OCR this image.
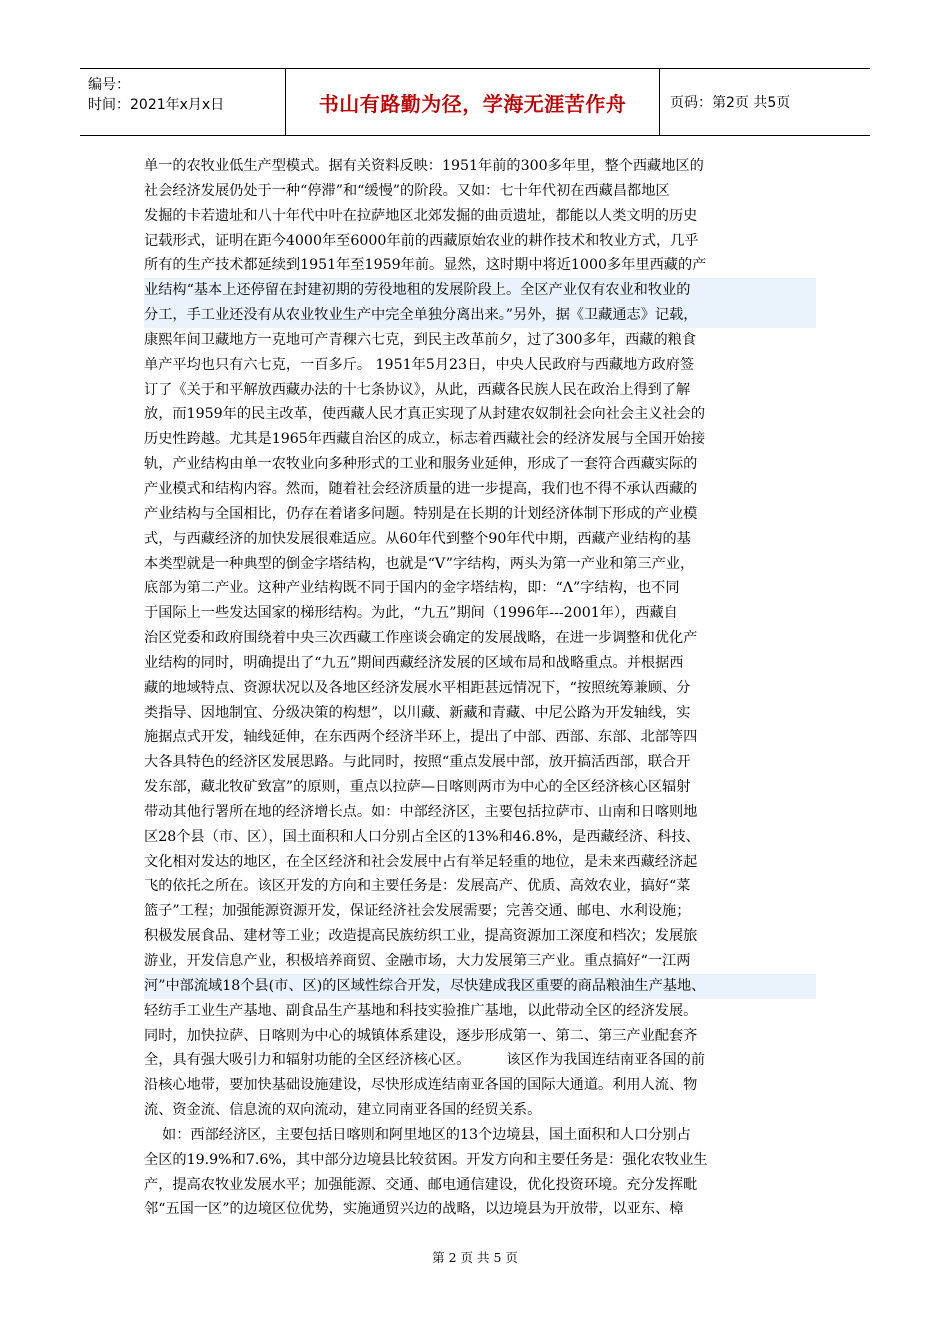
编号：
时间：2021年x月x日	书山有路勤为径，学海无涯苦作舟	页码：第2页 共5页
单一的农牧业低生产型模式。据有关资料反映：1951年前的300多年里，整个西藏地区的
社会经济发展仍处于一种“停滞”和“缓慢”的阶段。又如：七十年代初在西藏昌都地区
发掘的卡若遗址和八十年代中叶在拉萨地区北郊发掘的曲贡遗址，都能以人类文明的历史
记载形式，证明在距今4000年至6000年前的西藏原始农业的耕作技术和牧业方式，几乎
所有的生产技术都延续到1951年至1959年前。显然，这时期中将近1000多年里西藏的产
业结构“基本上还停留在封建初期的劳役地租的发展阶段上。全区产业仅有农业和牧业的
分工，手工业还没有从农业牧业生产中完全单独分离出来。”另外，据《卫藏通志》记载，
康熙年间卫藏地方一克地可产青稞六七克，到民主改革前夕，过了300多年，西藏的粮食
单产平均也只有六七克，一百多斤。 1951年5月23日，中央人民政府与西藏地方政府签
订了《关于和平解放西藏办法的十七条协议》，从此，西藏各民族人民在政治上得到了解
放，而1959年的民主改革，使西藏人民才真正实现了从封建农奴制社会向社会主义社会的
历史性跨越。尤其是1965年西藏自治区的成立，标志着西藏社会的经济发展与全国开始接
轨，产业结构由单一农牧业向多种形式的工业和服务业延伸，形成了一套符合西藏实际的
产业模式和结构内容。然而，随着社会经济质量的进一步提高，我们也不得不承认西藏的
产业结构与全国相比，仍存在着诸多问题。特别是在长期的计划经济体制下形成的产业模
式，与西藏经济的加快发展很难适应。从60年代到整个90年代中期，西藏产业结构的基
本类型就是一种典型的倒金字塔结构，也就是“V”字结构，两头为第一产业和第三产业，
底部为第二产业。这种产业结构既不同于国内的金字塔结构，即：“Λ”字结构，也不同
于国际上一些发达国家的梯形结构。为此，“九五”期间（1996年---2001年），西藏自
治区党委和政府围绕着中央三次西藏工作座谈会确定的发展战略，在进一步调整和优化产
业结构的同时，明确提出了“九五”期间西藏经济发展的区域布局和战略重点。并根据西
藏的地域特点、资源状况以及各地区经济发展水平相距甚远情况下，“按照统筹兼顾、分
类指导、因地制宜、分级决策的构想”，以川藏、新藏和青藏、中尼公路为开发轴线，实
施据点式开发，轴线延伸，在东西两个经济半环上，提出了中部、西部、东部、北部等四
大各具特色的经济区发展思路。与此同时，按照“重点发展中部，放开搞活西部，联合开
发东部，藏北牧矿致富”的原则，重点以拉萨—日喀则两市为中心的全区经济核心区辐射
带动其他行署所在地的经济增长点。如：中部经济区，主要包括拉萨市、山南和日喀则地
区28个县（市、区），国土面积和人口分别占全区的13%和46.8%，是西藏经济、科技、
文化相对发达的地区，在全区经济和社会发展中占有举足轻重的地位，是未来西藏经济起
飞的依托之所在。该区开发的方向和主要任务是：发展高产、优质、高效农业，搞好“菜
篮子”工程；加强能源资源开发，保证经济社会发展需要；完善交通、邮电、水利设施；
积极发展食品、建材等工业；改造提高民族纺织工业，提高资源加工深度和档次；发展旅
游业，开发信息产业，积极培养商贸、金融市场，大力发展第三产业。重点搞好“一江两
河”中部流域18个县(市、区)的区域性综合开发，尽快建成我区重要的商品粮油生产基地、
轻纺手工业生产基地、副食品生产基地和科技实验推广基地，以此带动全区的经济发展。
同时，加快拉萨、日喀则为中心的城镇体系建设，逐步形成第一、第二、第三产业配套齐
全，具有强大吸引力和辐射功能的全区经济核心区。        该区作为我国连结南亚各国的前
沿核心地带，要加快基础设施建设，尽快形成连结南亚各国的国际大通道。利用人流、物
流、资金流、信息流的双向流动，建立同南亚各国的经贸关系。
如：西部经济区，主要包括日喀则和阿里地区的13个边境县，国土面积和人口分别占
全区的19.9%和7.6%，其中部分边境县比较贫困。开发方向和主要任务是：强化农牧业生
产，提高农牧业发展水平；加强能源、交通、邮电通信建设，优化投资环境。充分发挥毗
邻“五国一区”的边境区位优势，实施通贸兴边的战略，以边境县为开放带，以亚东、樟
第 2 页 共 5 页
